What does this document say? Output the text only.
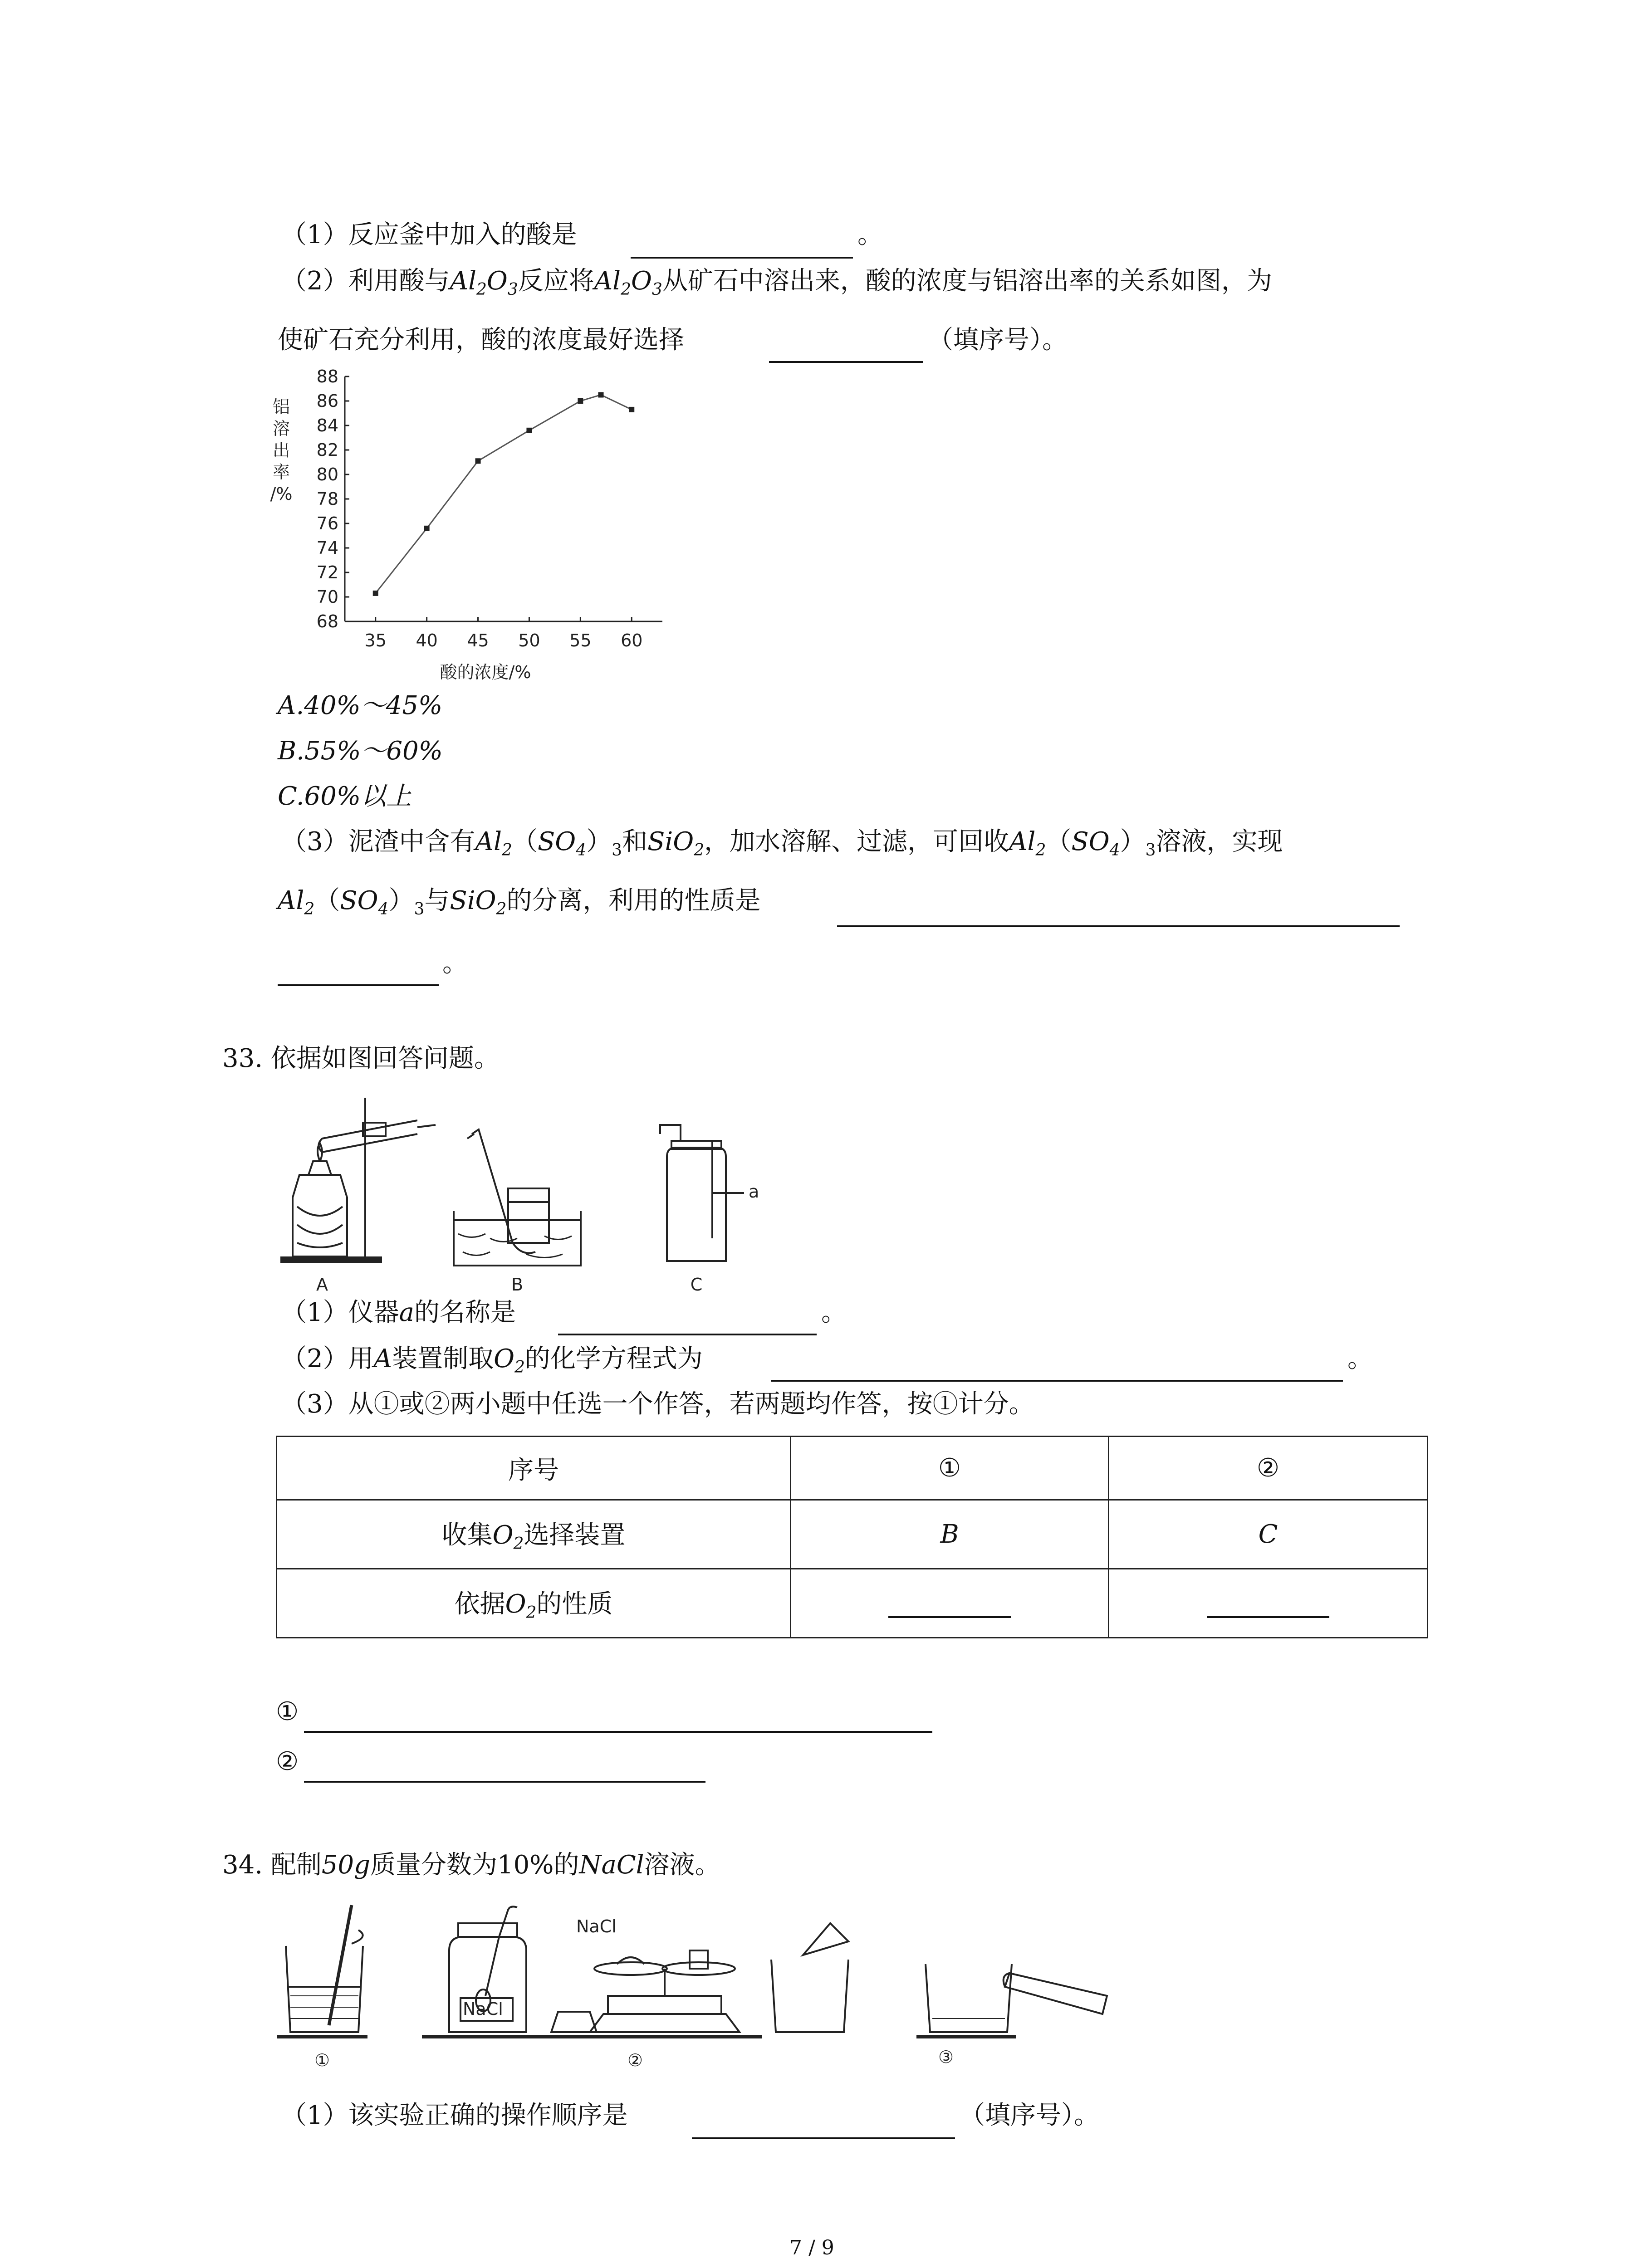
（1）反应釜中加入的酸是	。
（2）利用酸与$Al_2O_3$反应将$Al_2O_3$从矿石中溶出来，酸的浓度与铝溶出率的关系如图，为
使矿石充分利用，酸的浓度最好选择	（填序号）。
68
70
72
74
76
78
80
82
84
86
88
35 40 45 50 55 60
酸的浓度/%
铝
溶
出
率
/%
A.40%～45%
B.55%～60%
C.60%以上
（3）泥渣中含有$Al_2(SO_4)_3$和SiO$_2$，加水溶解、过滤，可回收$Al_2(SO_4)_3$溶液，实现
$Al_2(SO_4)_3$与SiO$_2$的分离，利用的性质是
。
33. 依据如图回答问题。
A	B	C
a
（1）仪器a的名称是	。
（2）用A装置制取$O_2$的化学方程式为	。
（3）从①或②两小题中任选一个作答，若两题均作答，按①计分。
序号	①	②
收集$O_2$选择装置	B	C
依据$O_2$的性质	

①
②
34. 配制50g质量分数为10%的NaCl溶液。
NaCl
NaCl
①	②	③
（1）该实验正确的操作顺序是	（填序号）。
7 / 9
